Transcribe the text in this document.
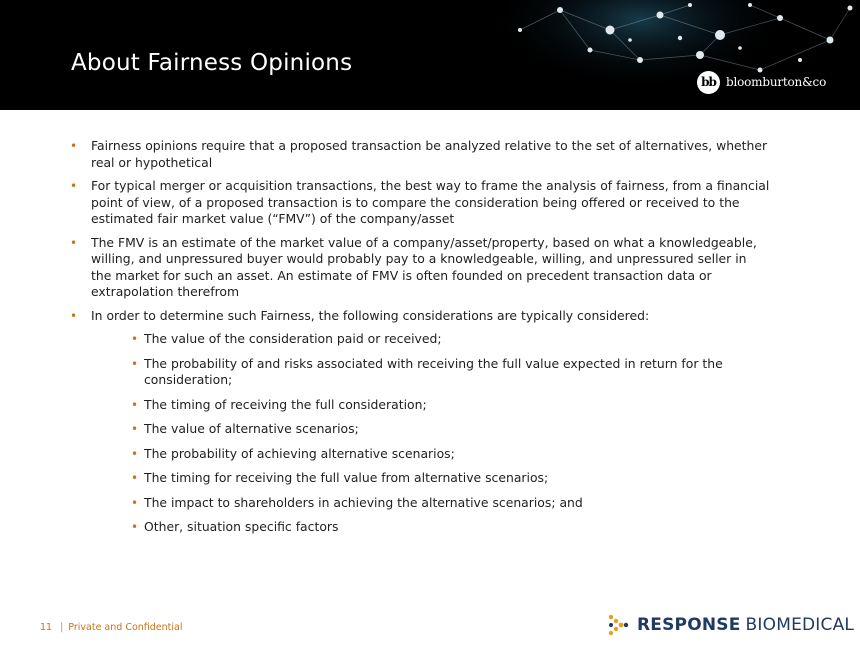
About Fairness Opinions
bb bloomburton&co
• Fairness opinions require that a proposed transaction be analyzed relative to the set of alternatives, whether real or hypothetical
• For typical merger or acquisition transactions, the best way to frame the analysis of fairness, from a financial point of view, of a proposed transaction is to compare the consideration being offered or received to the estimated fair market value (“FMV”) of the company/asset
• The FMV is an estimate of the market value of a company/asset/property, based on what a knowledgeable, willing, and unpressured buyer would probably pay to a knowledgeable, willing, and unpressured seller in the market for such an asset. An estimate of FMV is often founded on precedent transaction data or extrapolation therefrom
• In order to determine such Fairness, the following considerations are typically considered:
• The value of the consideration paid or received;
• The probability of and risks associated with receiving the full value expected in return for the consideration;
• The timing of receiving the full consideration;
• The value of alternative scenarios;
• The probability of achieving alternative scenarios;
• The timing for receiving the full value from alternative scenarios;
• The impact to shareholders in achieving the alternative scenarios; and
• Other, situation specific factors
11 | Private and Confidential	RESPONSE BIOMEDICAL
